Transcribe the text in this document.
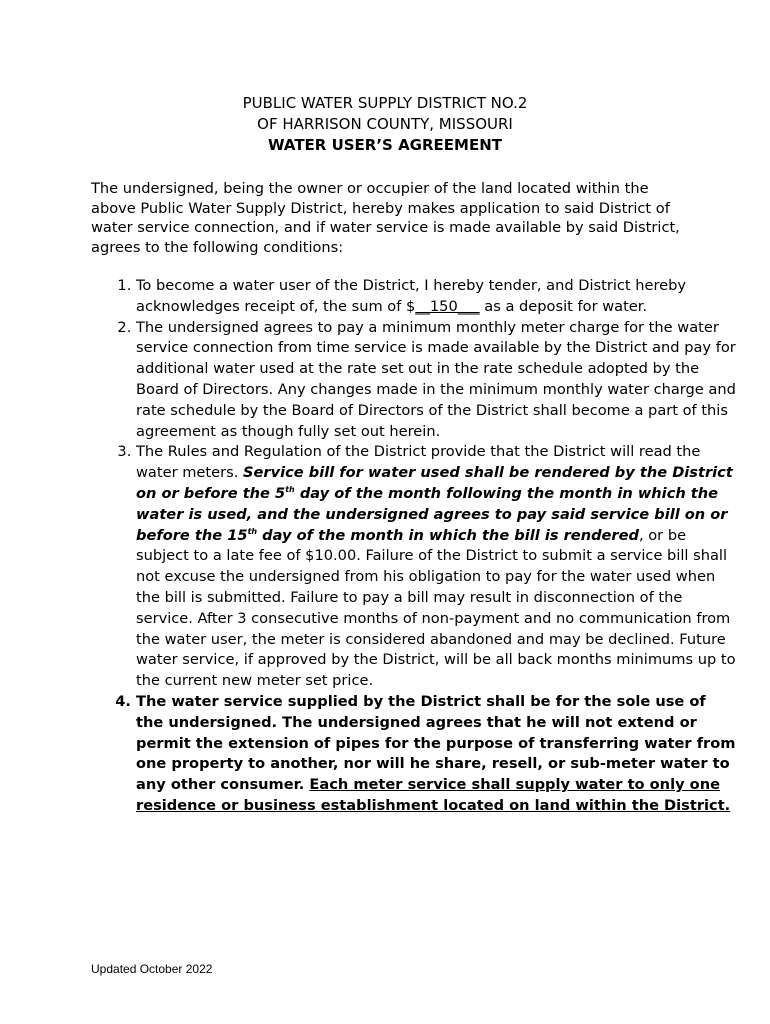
PUBLIC WATER SUPPLY DISTRICT NO.2
OF HARRISON COUNTY, MISSOURI
WATER USER’S AGREEMENT

The undersigned, being the owner or occupier of the land located within the above Public Water Supply District, hereby makes application to said District of water service connection, and if water service is made available by said District, agrees to the following conditions:

1. To become a water user of the District, I hereby tender, and District hereby acknowledges receipt of, the sum of $__150___ as a deposit for water.
2. The undersigned agrees to pay a minimum monthly meter charge for the water service connection from time service is made available by the District and pay for additional water used at the rate set out in the rate schedule adopted by the Board of Directors. Any changes made in the minimum monthly water charge and rate schedule by the Board of Directors of the District shall become a part of this agreement as though fully set out herein.
3. The Rules and Regulation of the District provide that the District will read the water meters. Service bill for water used shall be rendered by the District on or before the 5th day of the month following the month in which the water is used, and the undersigned agrees to pay said service bill on or before the 15th day of the month in which the bill is rendered, or be subject to a late fee of $10.00. Failure of the District to submit a service bill shall not excuse the undersigned from his obligation to pay for the water used when the bill is submitted. Failure to pay a bill may result in disconnection of the service. After 3 consecutive months of non-payment and no communication from the water user, the meter is considered abandoned and may be declined. Future water service, if approved by the District, will be all back months minimums up to the current new meter set price.
4. The water service supplied by the District shall be for the sole use of the undersigned. The undersigned agrees that he will not extend or permit the extension of pipes for the purpose of transferring water from one property to another, nor will he share, resell, or sub-meter water to any other consumer. Each meter service shall supply water to only one residence or business establishment located on land within the District.
Updated October 2022
